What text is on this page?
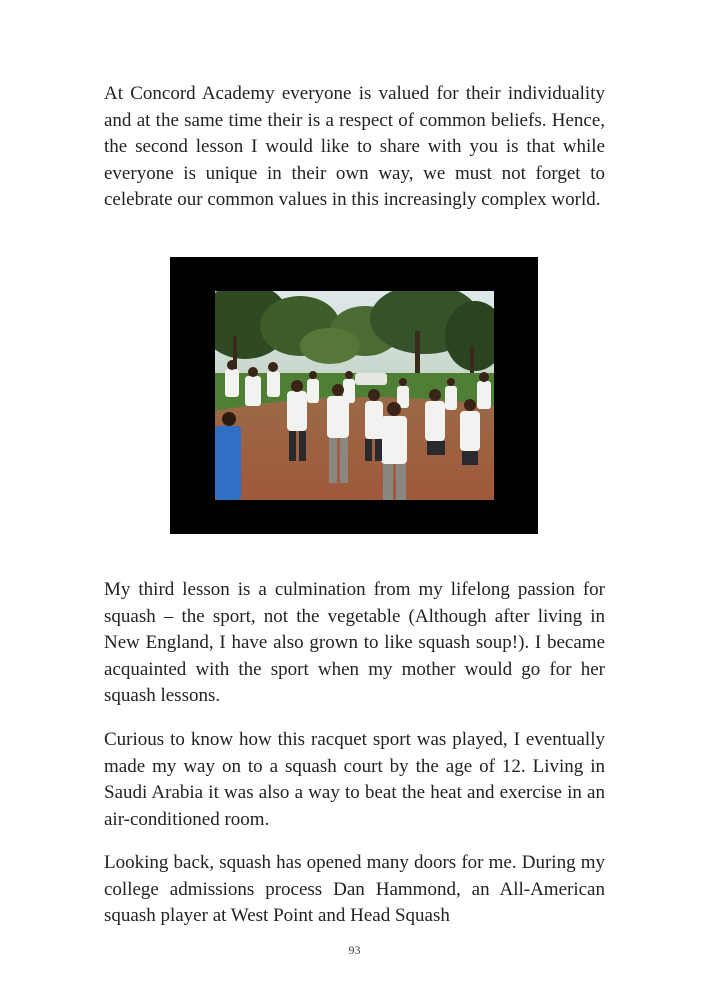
At Concord Academy everyone is valued for their individuality and at the same time their is a respect of common beliefs. Hence, the second lesson I would like to share with you is that while everyone is unique in their own way, we must not forget to celebrate our common values in this increasingly complex world.

My third lesson is a culmination from my lifelong passion for squash – the sport, not the vegetable (Although after living in New England, I have also grown to like squash soup!). I became acquainted with the sport when my mother would go for her squash lessons.

Curious to know how this racquet sport was played, I eventually made my way on to a squash court by the age of 12. Living in Saudi Arabia it was also a way to beat the heat and exercise in an air-conditioned room.

Looking back, squash has opened many doors for me. During my college admissions process Dan Hammond, an All-American squash player at West Point and Head Squash

93
